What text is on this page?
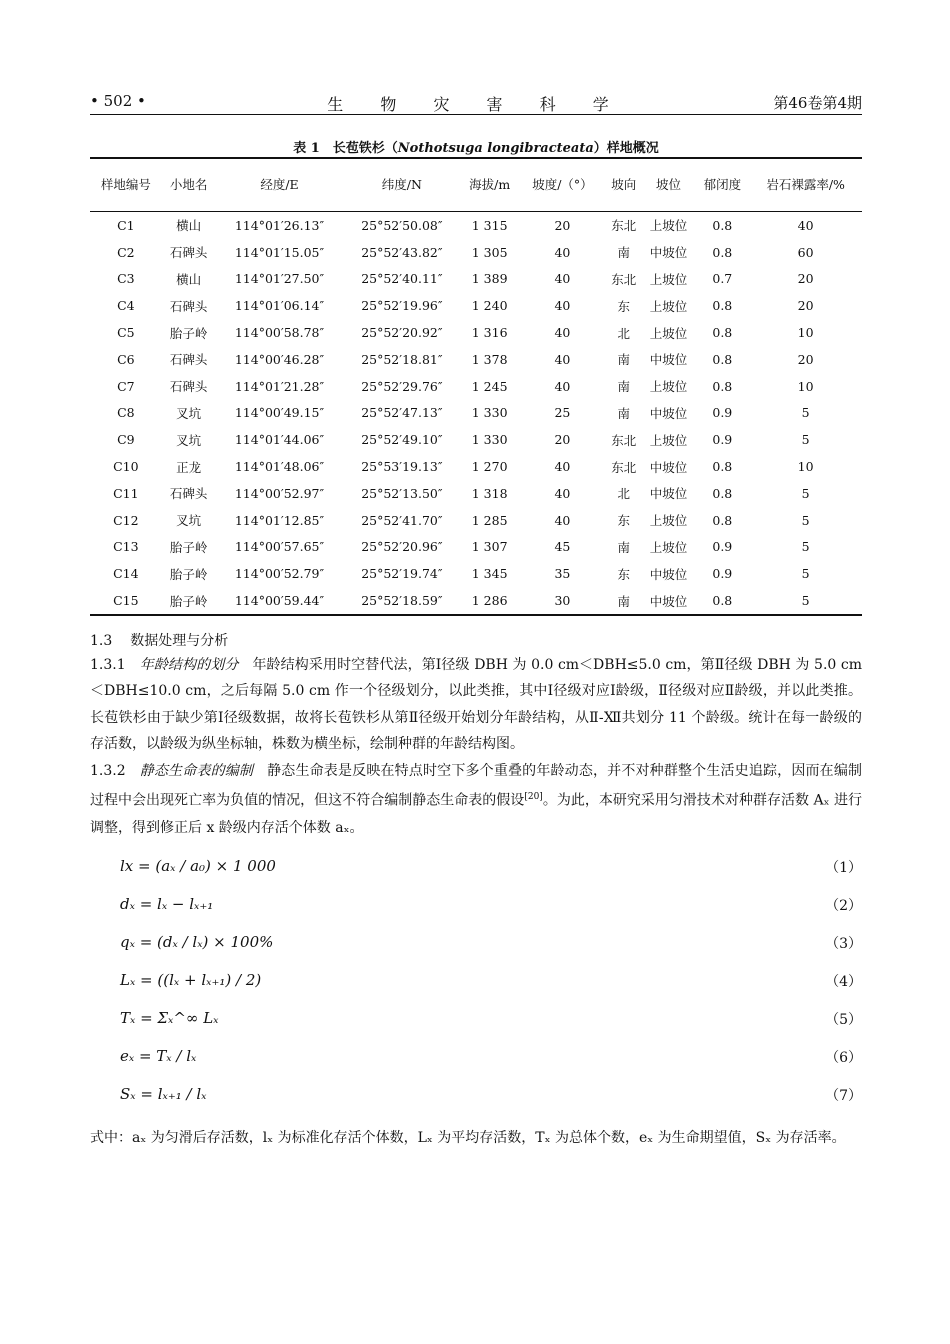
• 502 •	生 物 灾 害 科 学	第46卷第4期
表 1　长苞铁杉（Nothotsuga longibracteata）样地概况
样地编号	小地名	经度/E	纬度/N	海拔/m	坡度/（°）	坡向	坡位	郁闭度	岩石裸露率/%
C1	横山	114°01′26.13″	25°52′50.08″	1 315	20	东北	上坡位	0.8	40
C2	石碑头	114°01′15.05″	25°52′43.82″	1 305	40	南	中坡位	0.8	60
C3	横山	114°01′27.50″	25°52′40.11″	1 389	40	东北	上坡位	0.7	20
C4	石碑头	114°01′06.14″	25°52′19.96″	1 240	40	东	上坡位	0.8	20
C5	胎子岭	114°00′58.78″	25°52′20.92″	1 316	40	北	上坡位	0.8	10
C6	石碑头	114°00′46.28″	25°52′18.81″	1 378	40	南	中坡位	0.8	20
C7	石碑头	114°01′21.28″	25°52′29.76″	1 245	40	南	上坡位	0.8	10
C8	叉坑	114°00′49.15″	25°52′47.13″	1 330	25	南	中坡位	0.9	5
C9	叉坑	114°01′44.06″	25°52′49.10″	1 330	20	东北	上坡位	0.9	5
C10	正龙	114°01′48.06″	25°53′19.13″	1 270	40	东北	中坡位	0.8	10
C11	石碑头	114°00′52.97″	25°52′13.50″	1 318	40	北	中坡位	0.8	5
C12	叉坑	114°01′12.85″	25°52′41.70″	1 285	40	东	上坡位	0.8	5
C13	胎子岭	114°00′57.65″	25°52′20.96″	1 307	45	南	上坡位	0.9	5
C14	胎子岭	114°00′52.79″	25°52′19.74″	1 345	35	东	中坡位	0.9	5
C15	胎子岭	114°00′59.44″	25°52′18.59″	1 286	30	南	中坡位	0.8	5
1.3 数据处理与分析
1.3.1 年龄结构的划分 年龄结构采用时空替代法，第Ⅰ径级 DBH 为 0.0 cm＜DBH≤5.0 cm，第Ⅱ径级 DBH 为 5.0 cm＜DBH≤10.0 cm，之后每隔 5.0 cm 作一个径级划分，以此类推，其中Ⅰ径级对应Ⅰ龄级，Ⅱ径级对应Ⅱ龄级，并以此类推。长苞铁杉由于缺少第Ⅰ径级数据，故将长苞铁杉从第Ⅱ径级开始划分年龄结构，从Ⅱ-Ⅻ共划分 11 个龄级。统计在每一龄级的存活数，以龄级为纵坐标轴，株数为横坐标，绘制种群的年龄结构图。
1.3.2 静态生命表的编制 静态生命表是反映在特点时空下多个重叠的年龄动态，并不对种群整个生活史追踪，因而在编制过程中会出现死亡率为负值的情况，但这不符合编制静态生命表的假设[20]。为此，本研究采用匀滑技术对种群存活数 Aₓ 进行调整，得到修正后 x 龄级内存活个体数 aₓ。
lx = (aₓ / a₀) × 1 000	（1）
dₓ = lₓ − lₓ₊₁	（2）
qₓ = (dₓ / lₓ) × 100%	（3）
Lₓ = ((lₓ + lₓ₊₁) / 2)	（4）
Tₓ = Σₓ^∞ Lₓ	（5）
eₓ = Tₓ / lₓ	（6）
Sₓ = lₓ₊₁ / lₓ	（7）
式中：aₓ 为匀滑后存活数，lₓ 为标准化存活个体数，Lₓ 为平均存活数，Tₓ 为总体个数，eₓ 为生命期望值，Sₓ 为存活率。
